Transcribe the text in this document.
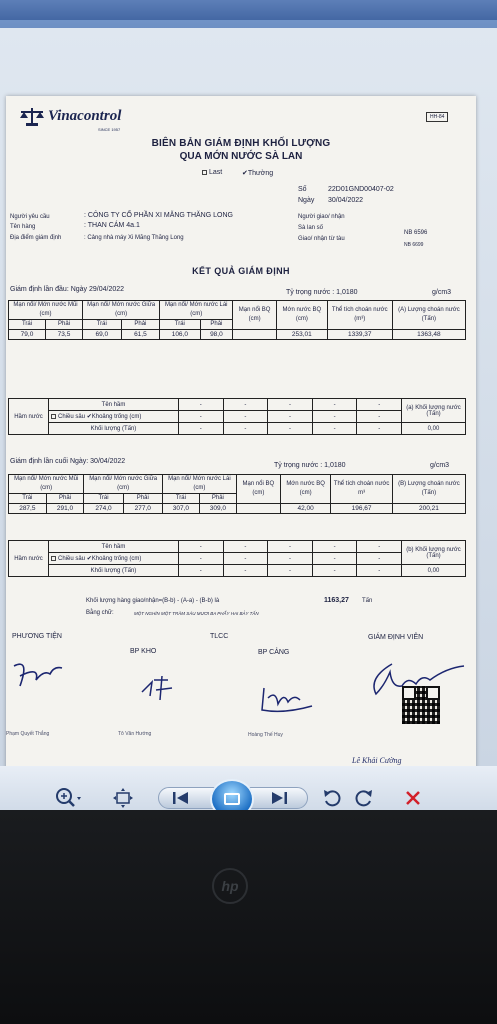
Vinacontrol
SINCE 1957
HH-84
BIÊN BẢN GIÁM ĐỊNH KHỐI LƯỢNG
QUA MỚN NƯỚC SÀ LAN
Last	✔Thường
Số	22D01GND00407-02
Ngày 30/04/2022
Người yêu cầu	: CÔNG TY CỔ PHẦN XI MĂNG THĂNG LONG
Tên hàng	: THAN CÁM 4a.1
Địa điểm giám định	: Cảng nhà máy Xi Măng Thăng Long
Người giao/ nhận
Sà lan số
NB 6596
Giao/ nhận từ tàu
NB 6699
KẾT QUẢ GIÁM ĐỊNH
Giám định lần đầu: Ngày 29/04/2022	Tỷ trọng nước : 1,0180	g/cm3
Mạn nổi/ Mớn nước Mũi (cm)		Mạn nổi/ Mớn nước Giữa (cm)		Mạn nổi/ Mớn nước Lái (cm)		Mạn nổi BQ (cm)	Mớn nước BQ (cm)	Thể tích choán nước (m³)	(A) Lượng choán nước (Tấn)
Trái	Phải	Trái	Phải	Trái	Phải				
79,0	73,5	69,0	61,5	106,0	98,0		253,01	1339,37	1363,48
Hầm nước	Tên hầm	-	-	-	-	-	(a) Khối lượng nước (Tấn)
	Chiều sâu ✔Khoảng trống (cm)	-	-	-	-	-	
	Khối lượng (Tấn)	-	-	-	-	-	0,00
Giám định lần cuối Ngày: 30/04/2022
Tỷ trọng nước : 1,0180	g/cm3
Mạn nổi/ Mớn nước Mũi (cm)		Mạn nổi/ Mớn nước Giữa (cm)		Mạn nổi/ Mớn nước Lái (cm)		Mạn nổi BQ (cm)	Mớn nước BQ (cm)	Thể tích choán nước m³	(B) Lượng choán nước (Tấn)
Trái	Phải	Trái	Phải	Trái	Phải				
287,5	291,0	274,0	277,0	307,0	309,0		42,00	196,67	200,21
Hầm nước	Tên hầm	-	-	-	-	-	(b) Khối lượng nước (Tấn)
	Chiều sâu ✔Khoảng trống (cm)	-	-	-	-	-	
	Khối lượng (Tấn)	-	-	-	-	-	0,00
Khối lượng hàng giao/nhận=(B-b) - (A-a) - (B-b) là	1163,27 Tấn
Bằng chữ:	MỘT NGHÌN MỘT TRĂM SÁU MƯƠI BA PHẨY HAI BẢY TẤN
PHƯƠNG TIỆN	TLCC	GIÁM ĐỊNH VIÊN
BP KHO	BP CẢNG
Phạm Quyết Thắng	Tô Văn Hướng	Hoàng Thế Huy
Lê Khải Cường
hp
